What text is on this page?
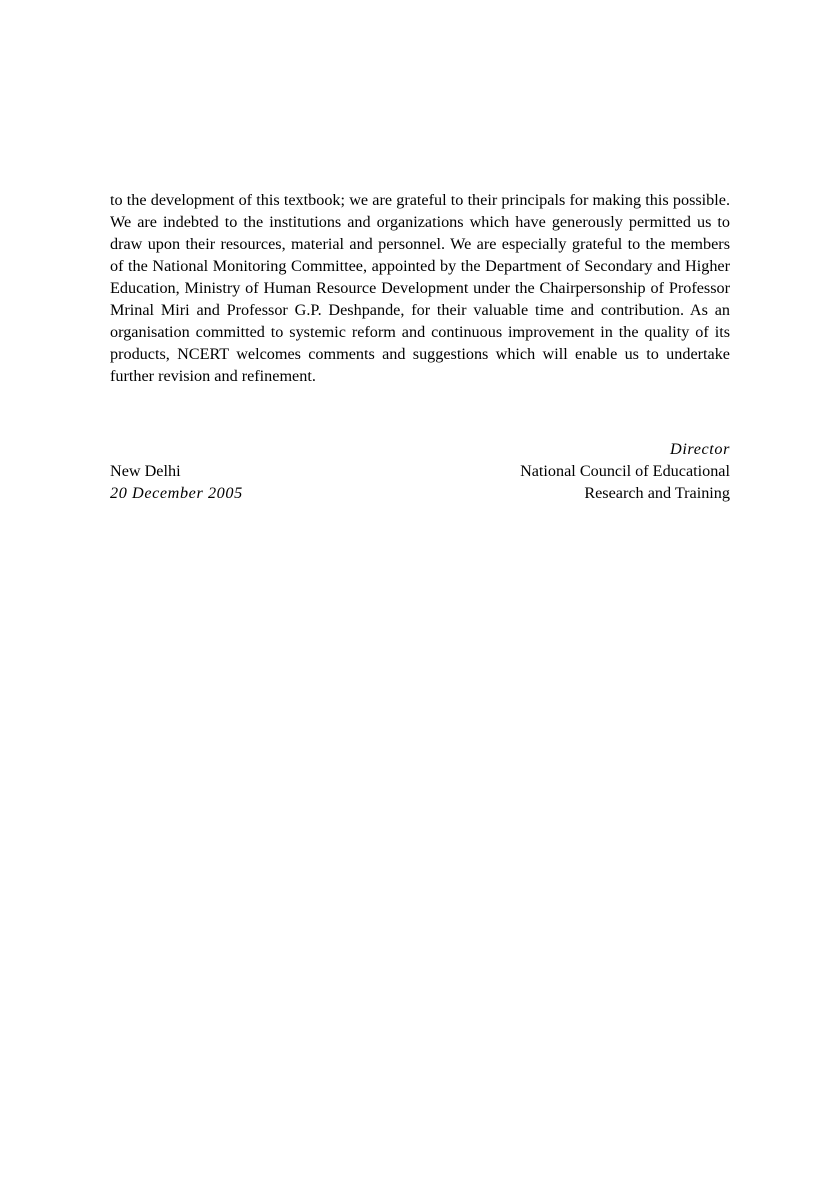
to the development of this textbook; we are grateful to their principals for making this possible. We are indebted to the institutions and organizations which have generously permitted us to draw upon their resources, material and personnel. We are especially grateful to the members of the National Monitoring Committee, appointed by the Department of Secondary and Higher Education, Ministry of Human Resource Development under the Chairpersonship of Professor Mrinal Miri and Professor G.P. Deshpande, for their valuable time and contribution. As an organisation committed to systemic reform and continuous improvement in the quality of its products, NCERT welcomes comments and suggestions which will enable us to undertake further revision and refinement.

Director
National Council of Educational
Research and Training
New Delhi
20 December 2005
